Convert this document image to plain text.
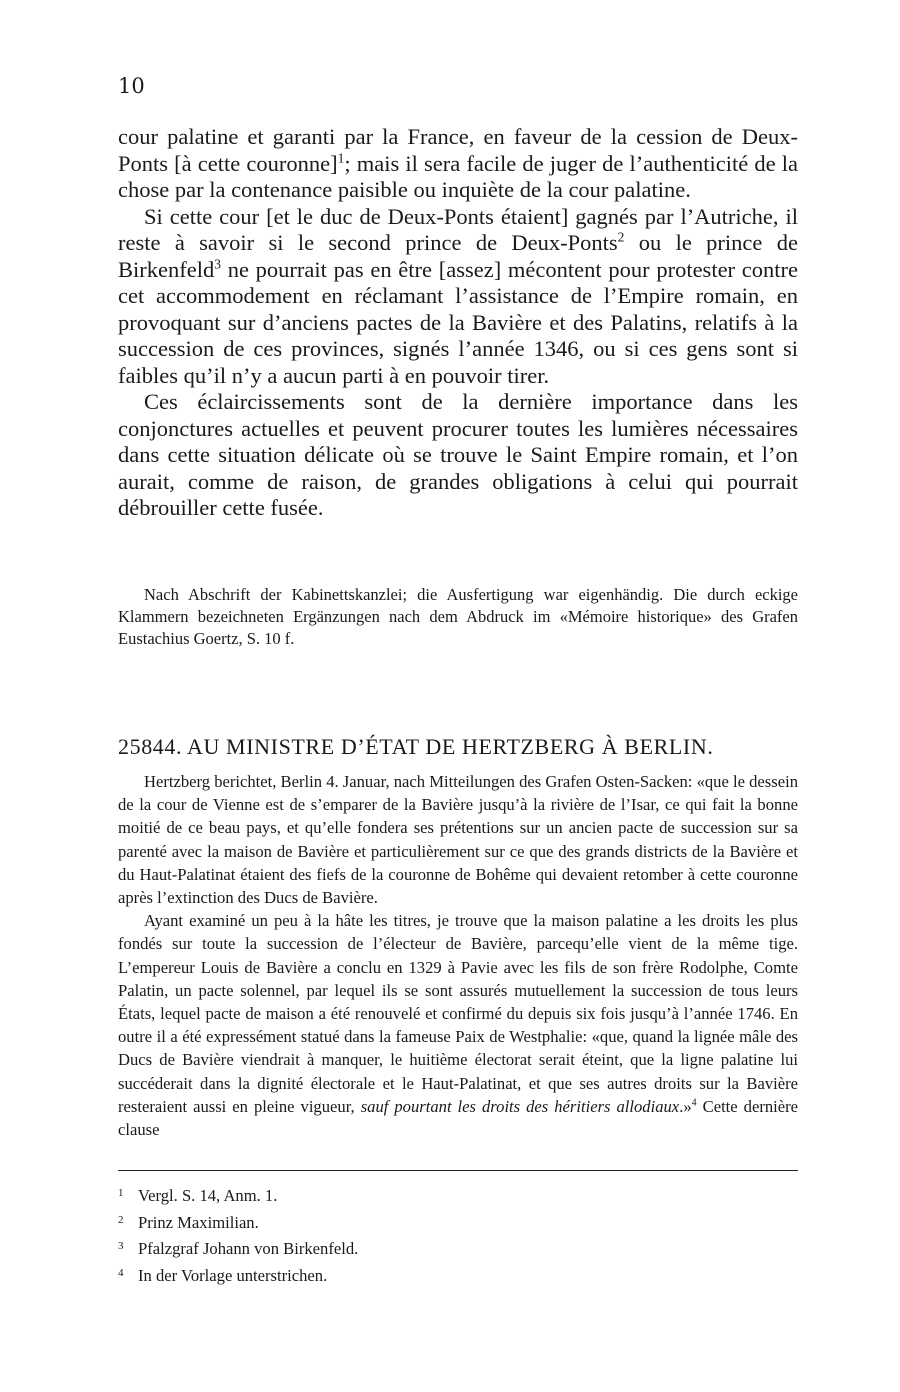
10

cour palatine et garanti par la France, en faveur de la cession de Deux-Ponts [à cette couronne]$^1$; mais il sera facile de juger de l’authenticité de la chose par la contenance paisible ou inquiète de la cour palatine.

Si cette cour [et le duc de Deux-Ponts étaient] gagnés par l’Autriche, il reste à savoir si le second prince de Deux-Ponts$^2$ ou le prince de Birkenfeld$^3$ ne pourrait pas en être [assez] mécontent pour protester contre cet accommodement en réclamant l’assistance de l’Empire romain, en provoquant sur d’anciens pactes de la Bavière et des Palatins, relatifs à la succession de ces provinces, signés l’année 1346, ou si ces gens sont si faibles qu’il n’y a aucun parti à en pouvoir tirer.

Ces éclaircissements sont de la dernière importance dans les conjonctures actuelles et peuvent procurer toutes les lumières nécessaires dans cette situation délicate où se trouve le Saint Empire romain, et l’on aurait, comme de raison, de grandes obligations à celui qui pourrait débrouiller cette fusée.

Nach Abschrift der Kabinettskanzlei; die Ausfertigung war eigenhändig. Die durch eckige Klammern bezeichneten Ergänzungen nach dem Abdruck im «Mémoire historique» des Grafen Eustachius Goertz, S. 10 f.
25844. AU MINISTRE D’ÉTAT DE HERTZBERG À BERLIN.

Hertzberg berichtet, Berlin 4. Januar, nach Mitteilungen des Grafen Osten-Sacken: «que le dessein de la cour de Vienne est de s’emparer de la Bavière jusqu’à la rivière de l’Isar, ce qui fait la bonne moitié de ce beau pays, et qu’elle fondera ses prétentions sur un ancien pacte de succession sur sa parenté avec la maison de Bavière et particulièrement sur ce que des grands districts de la Bavière et du Haut-Palatinat étaient des fiefs de la couronne de Bohême qui devaient retomber à cette couronne après l’extinction des Ducs de Bavière.

Ayant examiné un peu à la hâte les titres, je trouve que la maison palatine a les droits les plus fondés sur toute la succession de l’électeur de Bavière, parcequ’elle vient de la même tige. L’empereur Louis de Bavière a conclu en 1329 à Pavie avec les fils de son frère Rodolphe, Comte Palatin, un pacte solennel, par lequel ils se sont assurés mutuellement la succession de tous leurs États, lequel pacte de maison a été renouvelé et confirmé du depuis six fois jusqu’à l’année 1746. En outre il a été expressément statué dans la fameuse Paix de Westphalie: «que, quand la lignée mâle des Ducs de Bavière viendrait à manquer, le huitième électorat serait éteint, que la ligne palatine lui succéderait dans la dignité électorale et le Haut-Palatinat, et que ses autres droits sur la Bavière resteraient aussi en pleine vigueur, sauf pourtant les droits des héritiers allodiaux.»$^4$ Cette dernière clause

1 Vergl. S. 14, Anm. 1.
2 Prinz Maximilian.
3 Pfalzgraf Johann von Birkenfeld.
4 In der Vorlage unterstrichen.
